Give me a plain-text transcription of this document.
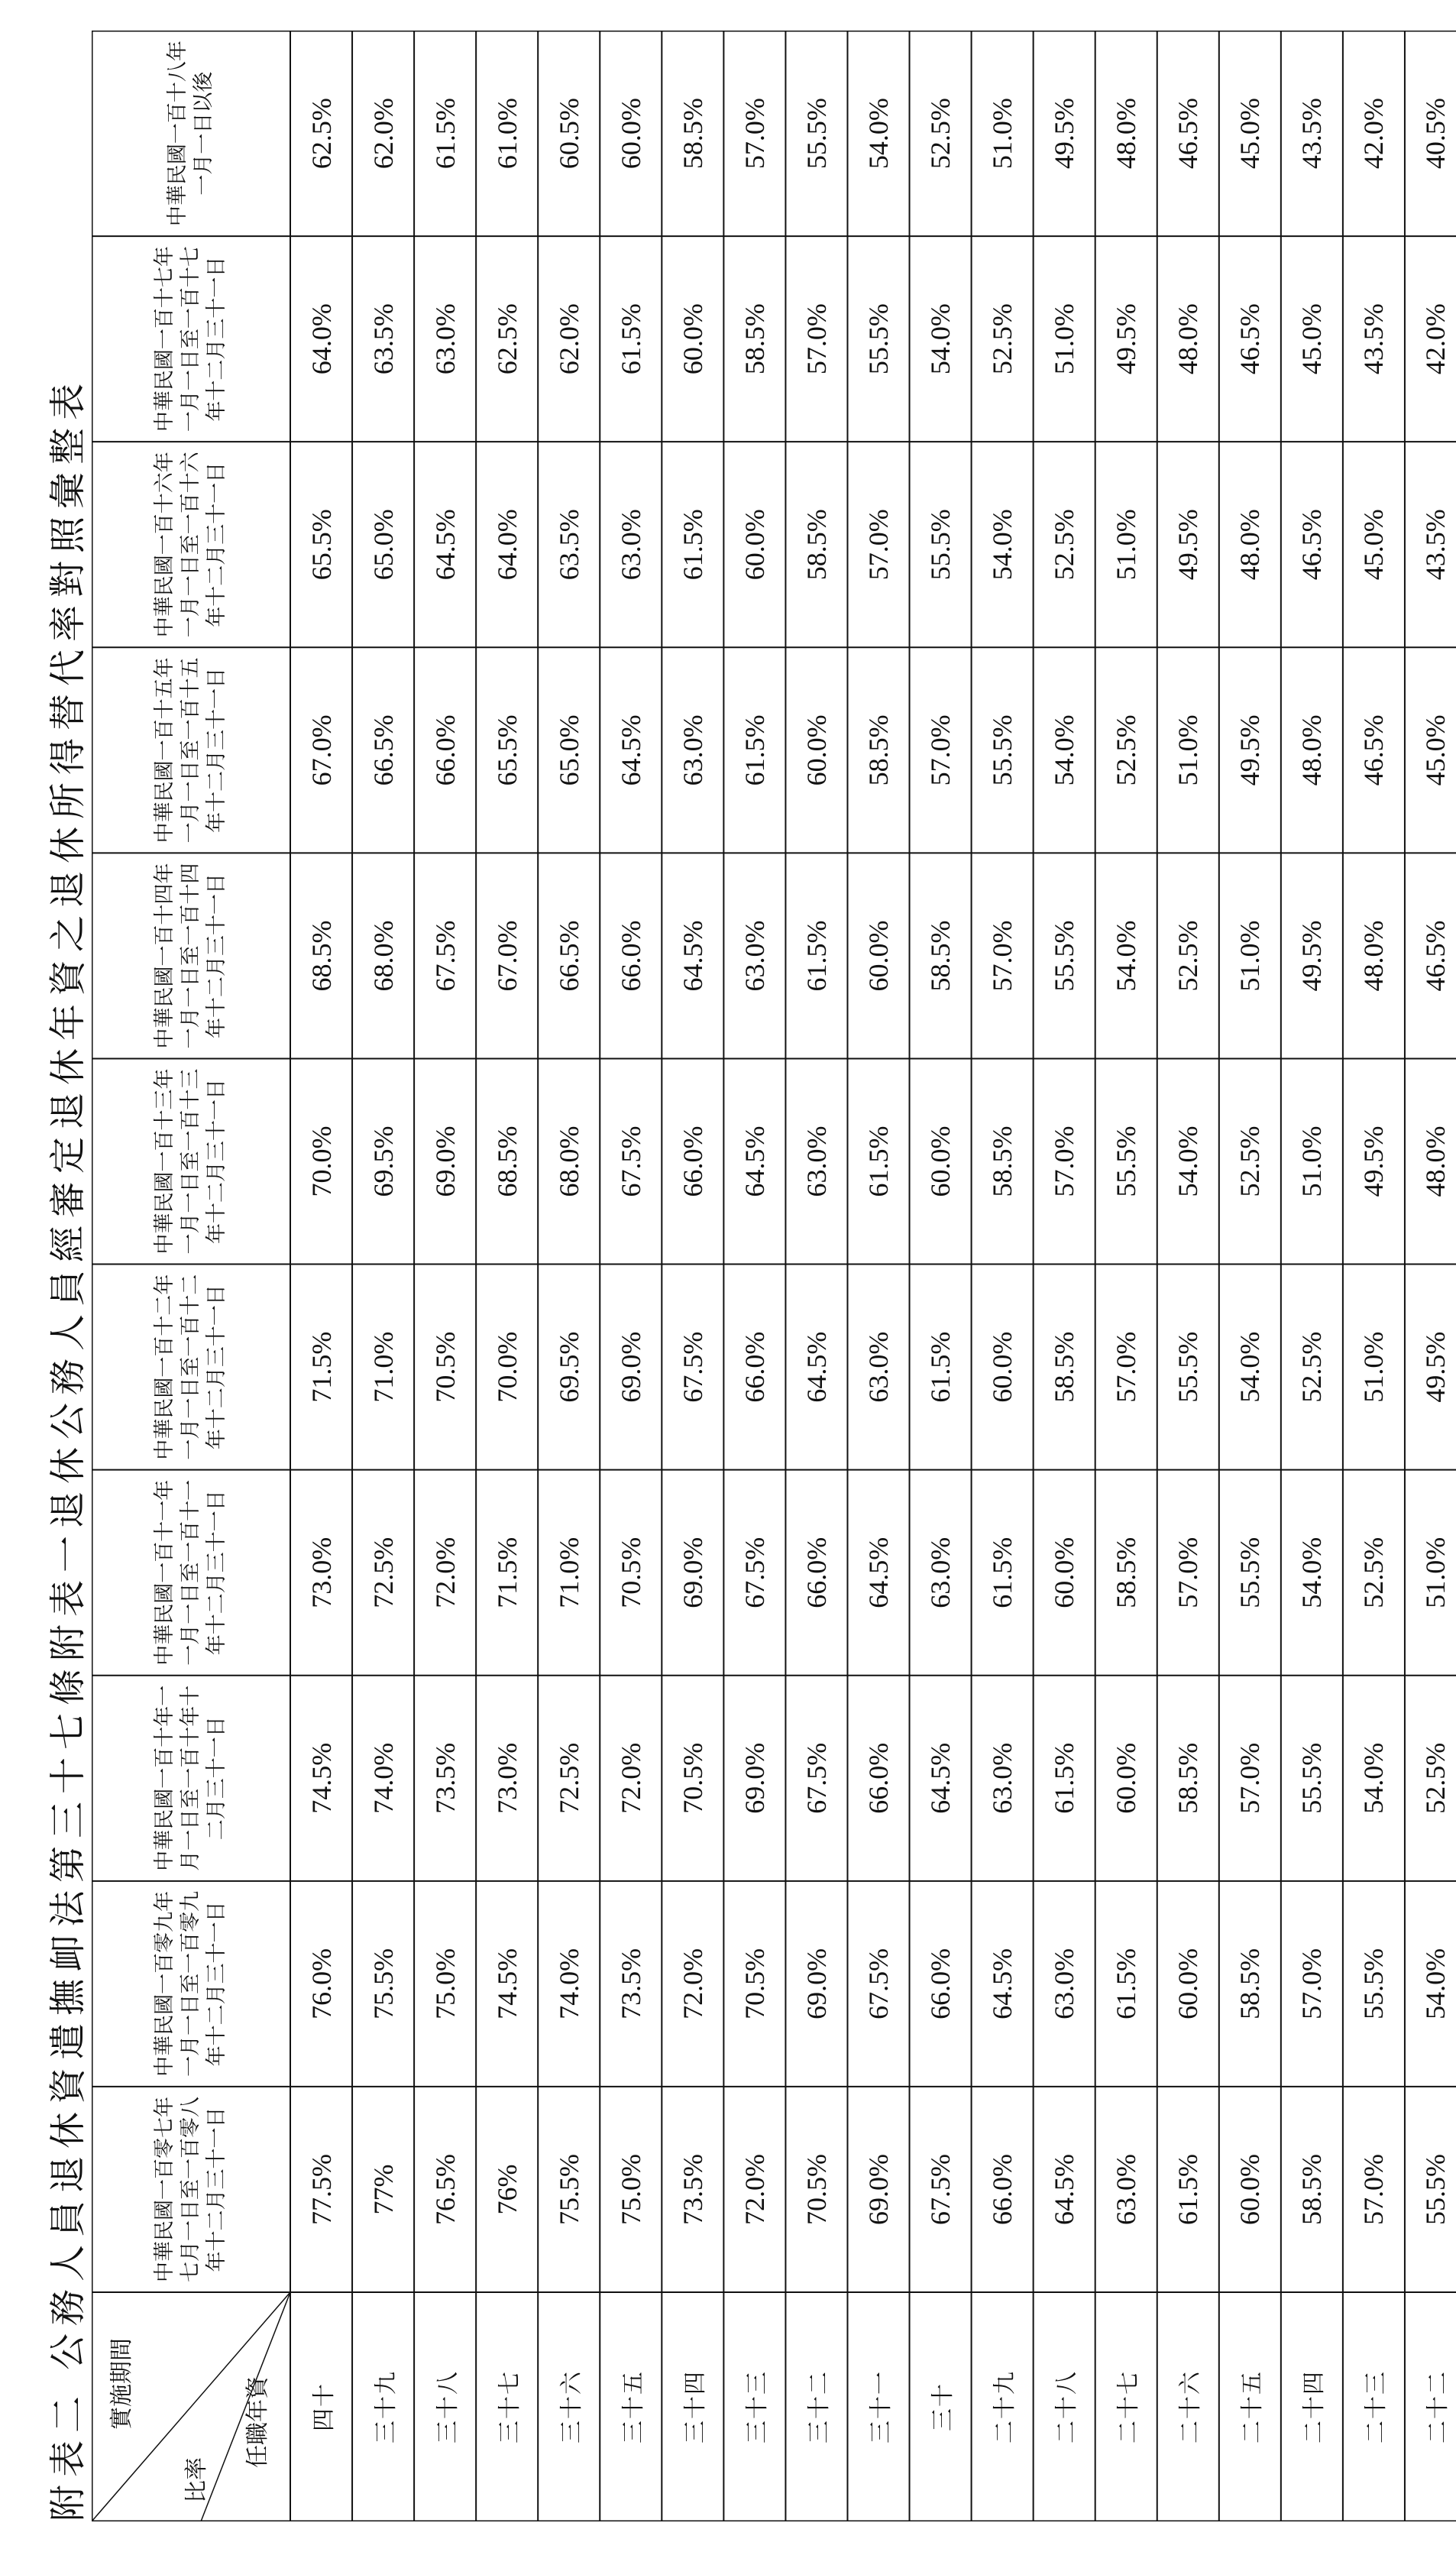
附表二公務人員退休資遣撫卹法第三十七條附表一退休公務人員經審定退休年資之退休所得替代率對照彙整表
實施期間
比率
任職年資
中華民國一百零七年七月一日至一百零八年十二月三十一日
中華民國一百零九年一月一日至一百零九年十二月三十一日
中華民國一百十年一月一日至一百十年十二月三十一日
中華民國一百十一年一月一日至一百十一年十二月三十一日
中華民國一百十二年一月一日至一百十二年十二月三十一日
中華民國一百十三年一月一日至一百十三年十二月三十一日
中華民國一百十四年一月一日至一百十四年十二月三十一日
中華民國一百十五年一月一日至一百十五年十二月三十一日
中華民國一百十六年一月一日至一百十六年十二月三十一日
中華民國一百十七年一月一日至一百十七年十二月三十一日
中華民國一百十八年一月一日以後
四十
77.5%
76.0%
74.5%
73.0%
71.5%
70.0%
68.5%
67.0%
65.5%
64.0%
62.5%
三十九
77%
75.5%
74.0%
72.5%
71.0%
69.5%
68.0%
66.5%
65.0%
63.5%
62.0%
三十八
76.5%
75.0%
73.5%
72.0%
70.5%
69.0%
67.5%
66.0%
64.5%
63.0%
61.5%
三十七
76%
74.5%
73.0%
71.5%
70.0%
68.5%
67.0%
65.5%
64.0%
62.5%
61.0%
三十六
75.5%
74.0%
72.5%
71.0%
69.5%
68.0%
66.5%
65.0%
63.5%
62.0%
60.5%
三十五
75.0%
73.5%
72.0%
70.5%
69.0%
67.5%
66.0%
64.5%
63.0%
61.5%
60.0%
三十四
73.5%
72.0%
70.5%
69.0%
67.5%
66.0%
64.5%
63.0%
61.5%
60.0%
58.5%
三十三
72.0%
70.5%
69.0%
67.5%
66.0%
64.5%
63.0%
61.5%
60.0%
58.5%
57.0%
三十二
70.5%
69.0%
67.5%
66.0%
64.5%
63.0%
61.5%
60.0%
58.5%
57.0%
55.5%
三十一
69.0%
67.5%
66.0%
64.5%
63.0%
61.5%
60.0%
58.5%
57.0%
55.5%
54.0%
三十
67.5%
66.0%
64.5%
63.0%
61.5%
60.0%
58.5%
57.0%
55.5%
54.0%
52.5%
二十九
66.0%
64.5%
63.0%
61.5%
60.0%
58.5%
57.0%
55.5%
54.0%
52.5%
51.0%
二十八
64.5%
63.0%
61.5%
60.0%
58.5%
57.0%
55.5%
54.0%
52.5%
51.0%
49.5%
二十七
63.0%
61.5%
60.0%
58.5%
57.0%
55.5%
54.0%
52.5%
51.0%
49.5%
48.0%
二十六
61.5%
60.0%
58.5%
57.0%
55.5%
54.0%
52.5%
51.0%
49.5%
48.0%
46.5%
二十五
60.0%
58.5%
57.0%
55.5%
54.0%
52.5%
51.0%
49.5%
48.0%
46.5%
45.0%
二十四
58.5%
57.0%
55.5%
54.0%
52.5%
51.0%
49.5%
48.0%
46.5%
45.0%
43.5%
二十三
57.0%
55.5%
54.0%
52.5%
51.0%
49.5%
48.0%
46.5%
45.0%
43.5%
42.0%
二十二
55.5%
54.0%
52.5%
51.0%
49.5%
48.0%
46.5%
45.0%
43.5%
42.0%
40.5%
